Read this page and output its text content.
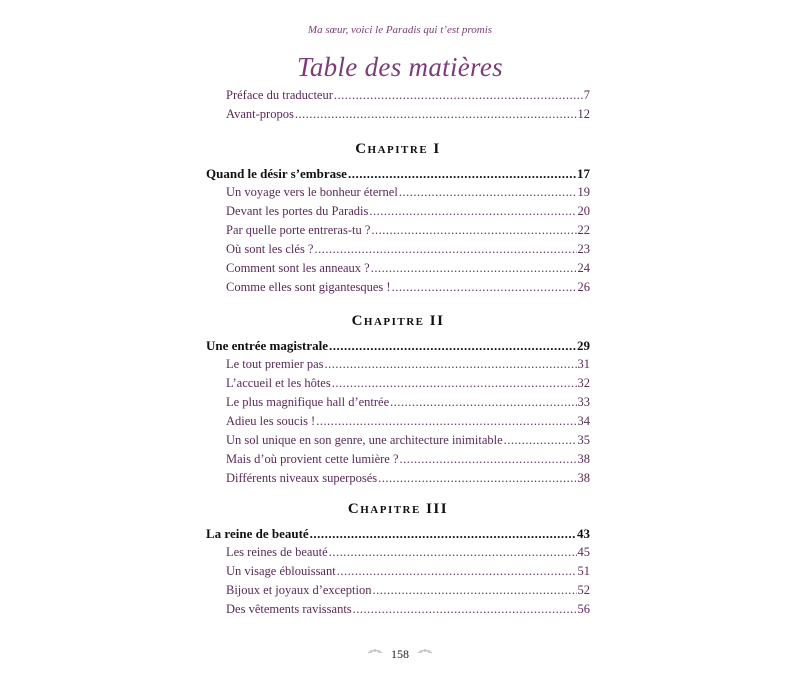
Ma sœur, voici le Paradis qui t’est promis
Table des matières
Préface du traducteur .....	7
Avant-propos .....	12
Chapitre I
Quand le désir s’embrase .....	17
Un voyage vers le bonheur éternel .....	19
Devant les portes du Paradis .....	20
Par quelle porte entreras-tu ? .....	22
Où sont les clés ? .....	23
Comment sont les anneaux ? .....	24
Comme elles sont gigantesques ! .....	26
Chapitre II
Une entrée magistrale .....	29
Le tout premier pas .....	31
L’accueil et les hôtes .....	32
Le plus magnifique hall d’entrée .....	33
Adieu les soucis ! .....	34
Un sol unique en son genre, une architecture inimitable .....	35
Mais d’où provient cette lumière ? .....	38
Différents niveaux superposés .....	38
Chapitre III
La reine de beauté .....	43
Les reines de beauté .....	45
Un visage éblouissant .....	51
Bijoux et joyaux d’exception .....	52
Des vêtements ravissants .....	56
158
